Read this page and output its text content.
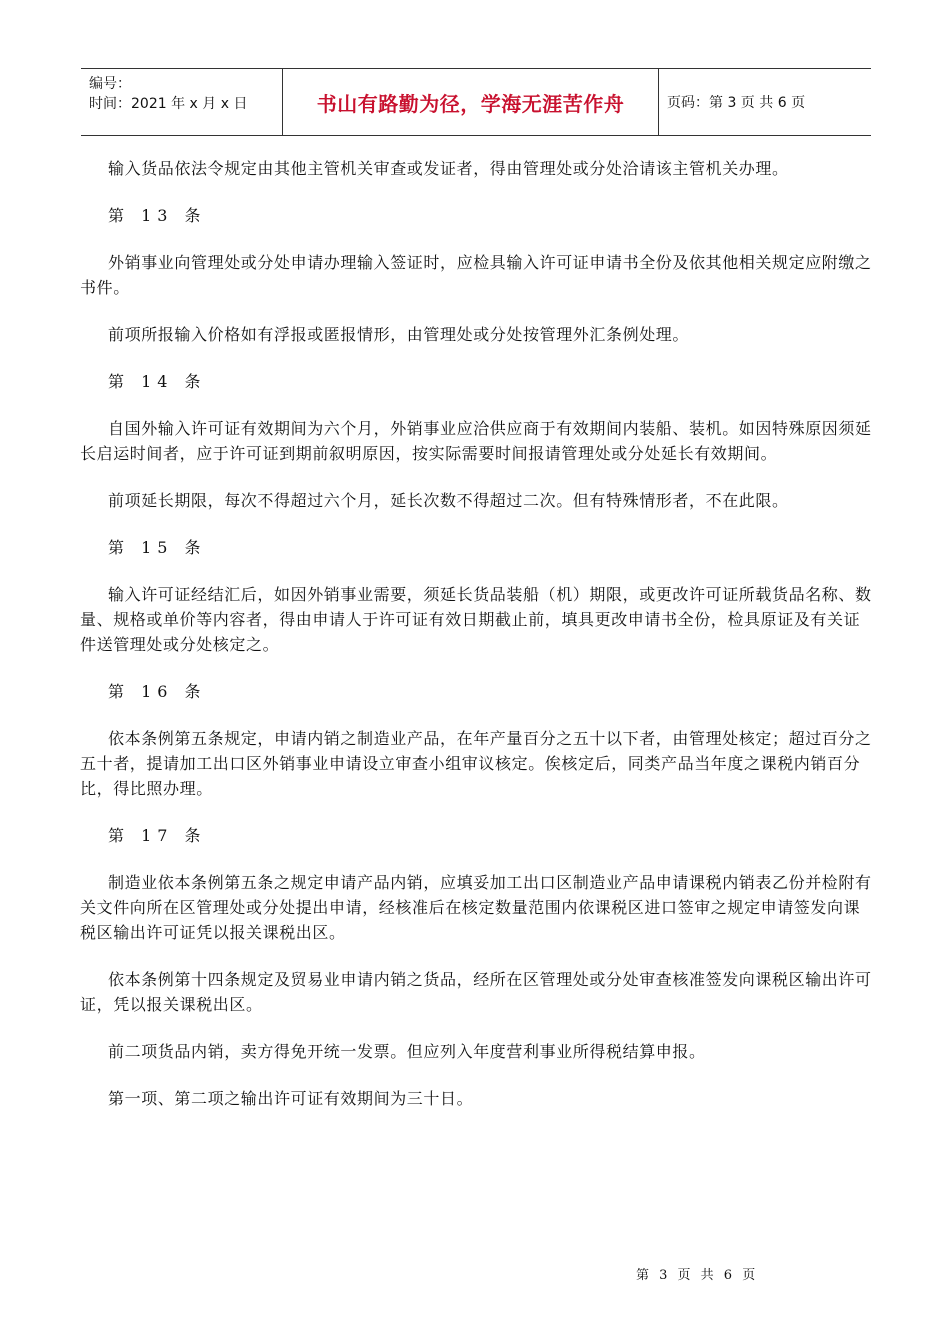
编号：
时间：2021 年 x 月 x 日	书山有路勤为径，学海无涯苦作舟	页码：第 3 页 共 6 页

输入货品依法令规定由其他主管机关审查或发证者，得由管理处或分处洽请该主管机关办理。

第 13 条

外销事业向管理处或分处申请办理输入签证时，应检具输入许可证申请书全份及依其他相关规定应附缴之书件。

前项所报输入价格如有浮报或匿报情形，由管理处或分处按管理外汇条例处理。

第 14 条

自国外输入许可证有效期间为六个月，外销事业应洽供应商于有效期间内装船、装机。如因特殊原因须延长启运时间者，应于许可证到期前叙明原因，按实际需要时间报请管理处或分处延长有效期间。

前项延长期限，每次不得超过六个月，延长次数不得超过二次。但有特殊情形者，不在此限。

第 15 条

输入许可证经结汇后，如因外销事业需要，须延长货品装船（机）期限，或更改许可证所载货品名称、数量、规格或单价等内容者，得由申请人于许可证有效日期截止前，填具更改申请书全份，检具原证及有关证件送管理处或分处核定之。

第 16 条

依本条例第五条规定，申请内销之制造业产品，在年产量百分之五十以下者，由管理处核定；超过百分之五十者，提请加工出口区外销事业申请设立审查小组审议核定。俟核定后，同类产品当年度之课税内销百分比，得比照办理。

第 17 条

制造业依本条例第五条之规定申请产品内销，应填妥加工出口区制造业产品申请课税内销表乙份并检附有关文件向所在区管理处或分处提出申请，经核准后在核定数量范围内依课税区进口签审之规定申请签发向课税区输出许可证凭以报关课税出区。

依本条例第十四条规定及贸易业申请内销之货品，经所在区管理处或分处审查核准签发向课税区输出许可证，凭以报关课税出区。

前二项货品内销，卖方得免开统一发票。但应列入年度营利事业所得税结算申报。

第一项、第二项之输出许可证有效期间为三十日。

第 3 页 共 6 页
